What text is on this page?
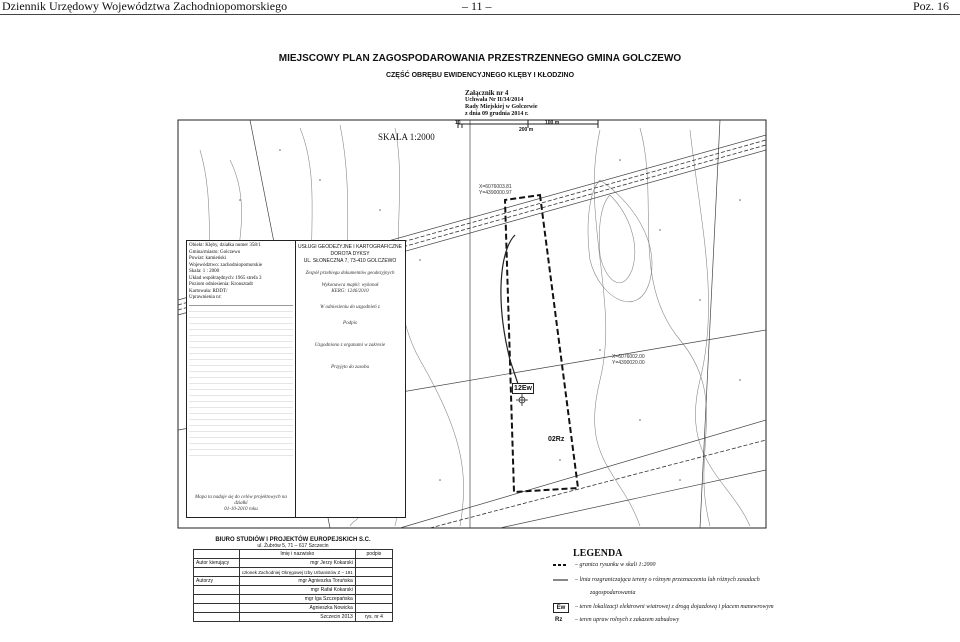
Dziennik Urzędowy Województwa Zachodniopomorskiego	– 11 –	Poz. 16
MIEJSCOWY PLAN ZAGOSPODAROWANIA PRZESTRZENNEGO GMINA GOLCZEWO
CZĘŚĆ OBRĘBU EWIDENCYJNEGO KLĘBY I KŁODZINO
Załącznik nr 4
Uchwała Nr II/34/2014
Rady Miejskiej w Golczewie
z dnia 09 grudnia 2014 r.
SKALA 1:2000
100 m
200 m
10
X=6076003.81
Y=4390000.97
X=6076002.00
Y=4390020.00
12Ew
02Rz
Obiekt: Klęby, działka numer 358/1
Gmina/miasto: Golczewo
Powiat: kamieński
Województwo: zachodniopomorskie
Skala: 1 : 2000
Układ współrzędnych: 1965 strefa 3
Poziom odniesienia: Kronsztadt
Kartowała: RDDT/
Uprawnienia nr:
USŁUGI GEODEZYJNE I KARTOGRAFICZNE
DOROTA DYKSY
UL. SŁONECZNA 7, 73-410 GOLCZEWO
Zespół przebiegu dokumentów geodezyjnych
Wykonawca mapki: wykonał
KERG: 1246/2010
W odniesieniu do uzgodnień z
Podpis
Uzgodniono z organami w zakresie
Przyjęto do zasobu
Mapa ta nadaje się do celów projektowych na działki
01-10-2010 roku
BIURO STUDIÓW I PROJEKTÓW EUROPEJSKICH S.C.
ul. Żubrów 5, 71 – 617 Szczecin
	Imię i nazwisko	podpis
Autor kierujący	mgr Jerzy Kokarski	
	członek Zachodniej Okręgowej Izby Urbanistów Z – 191	
Autorzy	mgr Agnieszka Toruńska	
	mgr Rafał Kokarski	
	mgr Iga Szczepańska	
	Agnieszka Nowicka	
	Szczecin 2013	rys. nr 4
LEGENDA
– granica rysunku w skali 1:2000
– linia rozgraniczająca tereny o różnym przeznaczeniu lub różnych zasadach
zagospodarowania
Ew	– teren lokalizacji elektrowni wiatrowej z drogą dojazdową i placem manewrowym
Rz – teren upraw rolnych z zakazem zabudowy
